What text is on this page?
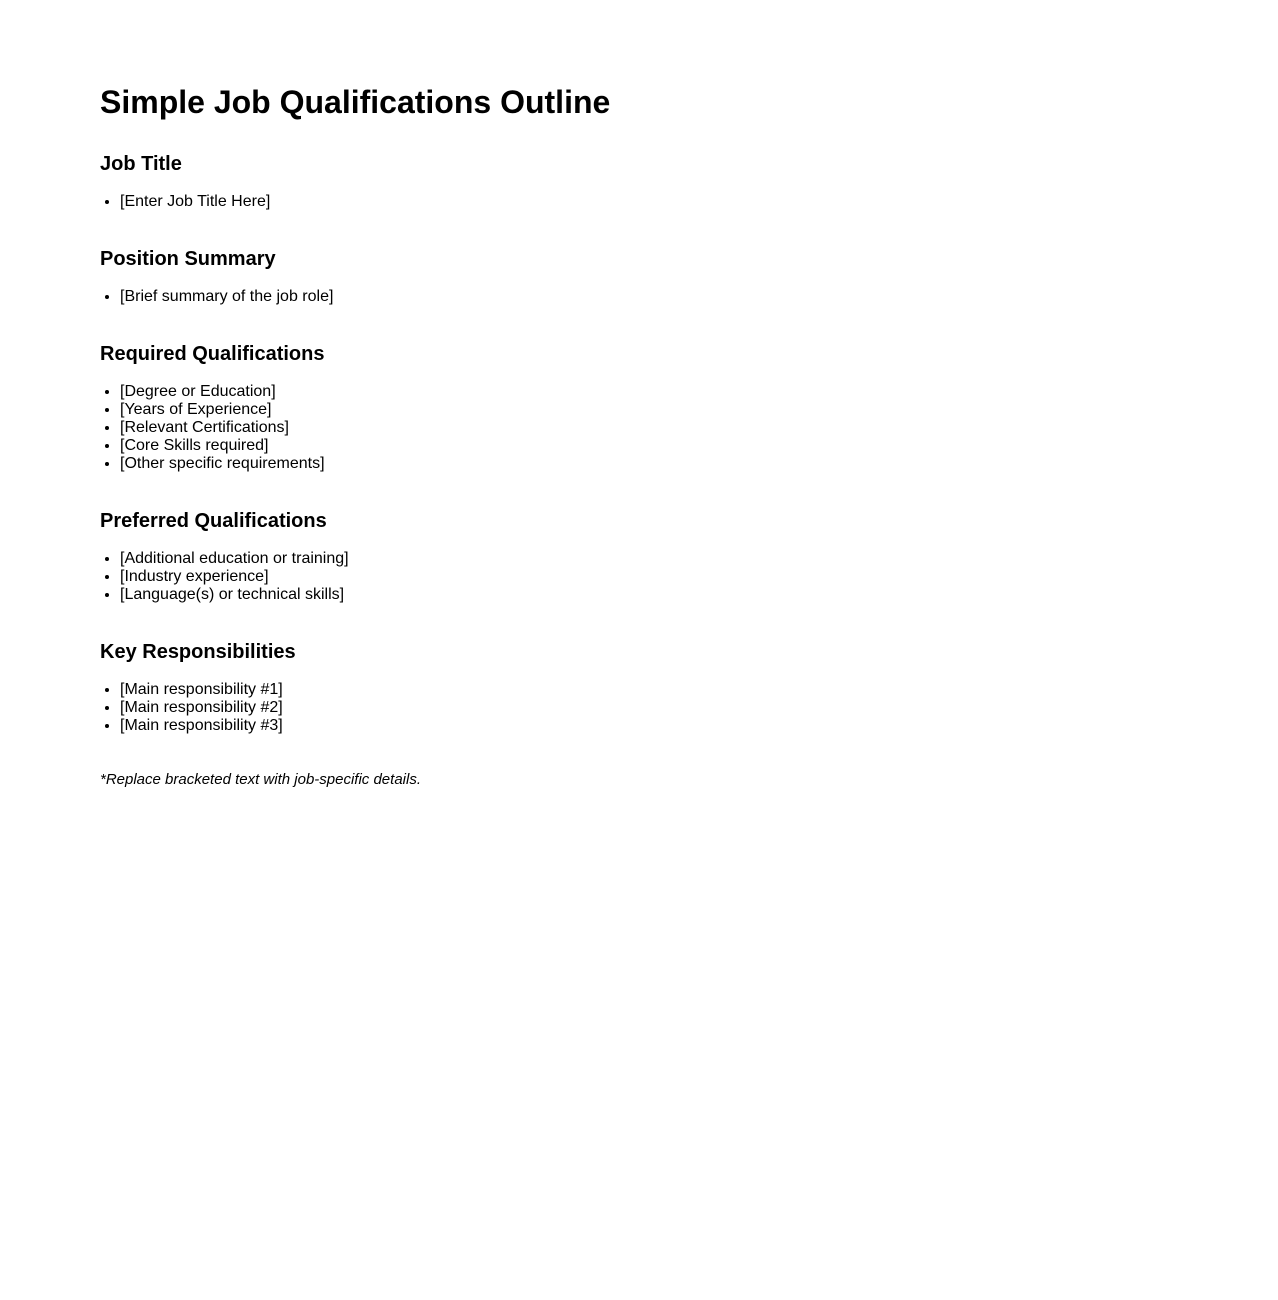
Simple Job Qualifications Outline
Job Title
• [Enter Job Title Here]
Position Summary
• [Brief summary of the job role]
Required Qualifications
• [Degree or Education]
• [Years of Experience]
• [Relevant Certifications]
• [Core Skills required]
• [Other specific requirements]
Preferred Qualifications
• [Additional education or training]
• [Industry experience]
• [Language(s) or technical skills]
Key Responsibilities
• [Main responsibility #1]
• [Main responsibility #2]
• [Main responsibility #3]

*Replace bracketed text with job-specific details.
